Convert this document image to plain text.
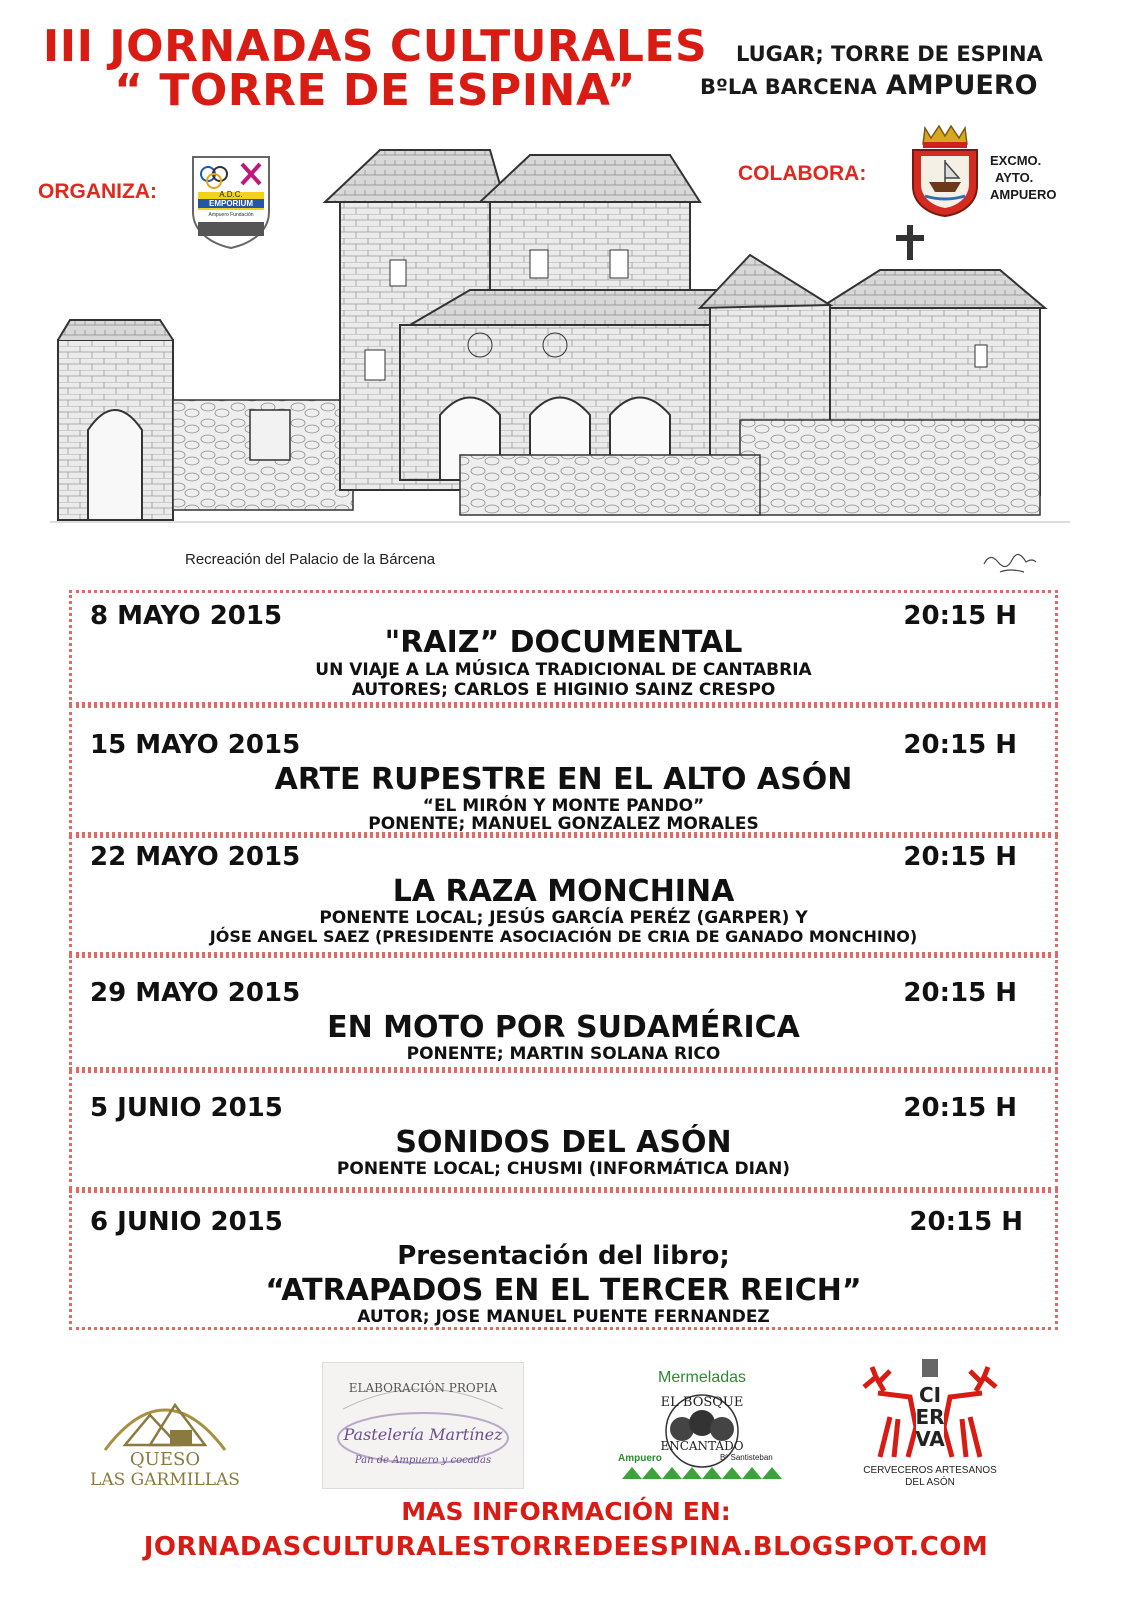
III JORNADAS CULTURALES
“ TORRE DE ESPINA”
LUGAR; TORRE DE ESPINA
BºLA BARCENA AMPUERO
ORGANIZA:	A.D.C.
EMPORIUM
Ampuero Fundación
COLABORA:
EXCMO.
AYTO.
AMPUERO
Recreación del Palacio de la Bárcena
8 MAYO 2015	20:15 H
"RAIZ” DOCUMENTAL
UN VIAJE A LA MÚSICA TRADICIONAL DE CANTABRIA
AUTORES; CARLOS E HIGINIO SAINZ CRESPO
15 MAYO 2015	20:15 H
ARTE RUPESTRE EN EL ALTO ASÓN
“EL MIRÓN Y MONTE PANDO”
PONENTE; MANUEL GONZALEZ MORALES
22 MAYO 2015	20:15 H
LA RAZA MONCHINA
PONENTE LOCAL; JESÚS GARCÍA PERÉZ (GARPER) Y
JÓSE ANGEL SAEZ (PRESIDENTE ASOCIACIÓN DE CRIA DE GANADO MONCHINO)
29 MAYO 2015	20:15 H
EN MOTO POR SUDAMÉRICA
PONENTE; MARTIN SOLANA RICO
5 JUNIO 2015	20:15 H
SONIDOS DEL ASÓN
PONENTE LOCAL; CHUSMI (INFORMÁTICA DIAN)
6 JUNIO 2015	20:15 H
Presentación del libro;
“ATRAPADOS EN EL TERCER REICH”
AUTOR; JOSE MANUEL PUENTE FERNANDEZ
QUESO
LAS GARMILLAS
ELABORACIÓN PROPIA
Pastelería Martínez
Pan de Ampuero y cocadas
Mermeladas
EL BOSQUE
ENCANTADO
Ampuero	Bº Santisteban
CI
ER
VA
CERVECEROS ARTESANOS
DEL ASÓN
MAS INFORMACIÓN EN:
JORNADASCULTURALESTORREDEESPINA.BLOGSPOT.COM
